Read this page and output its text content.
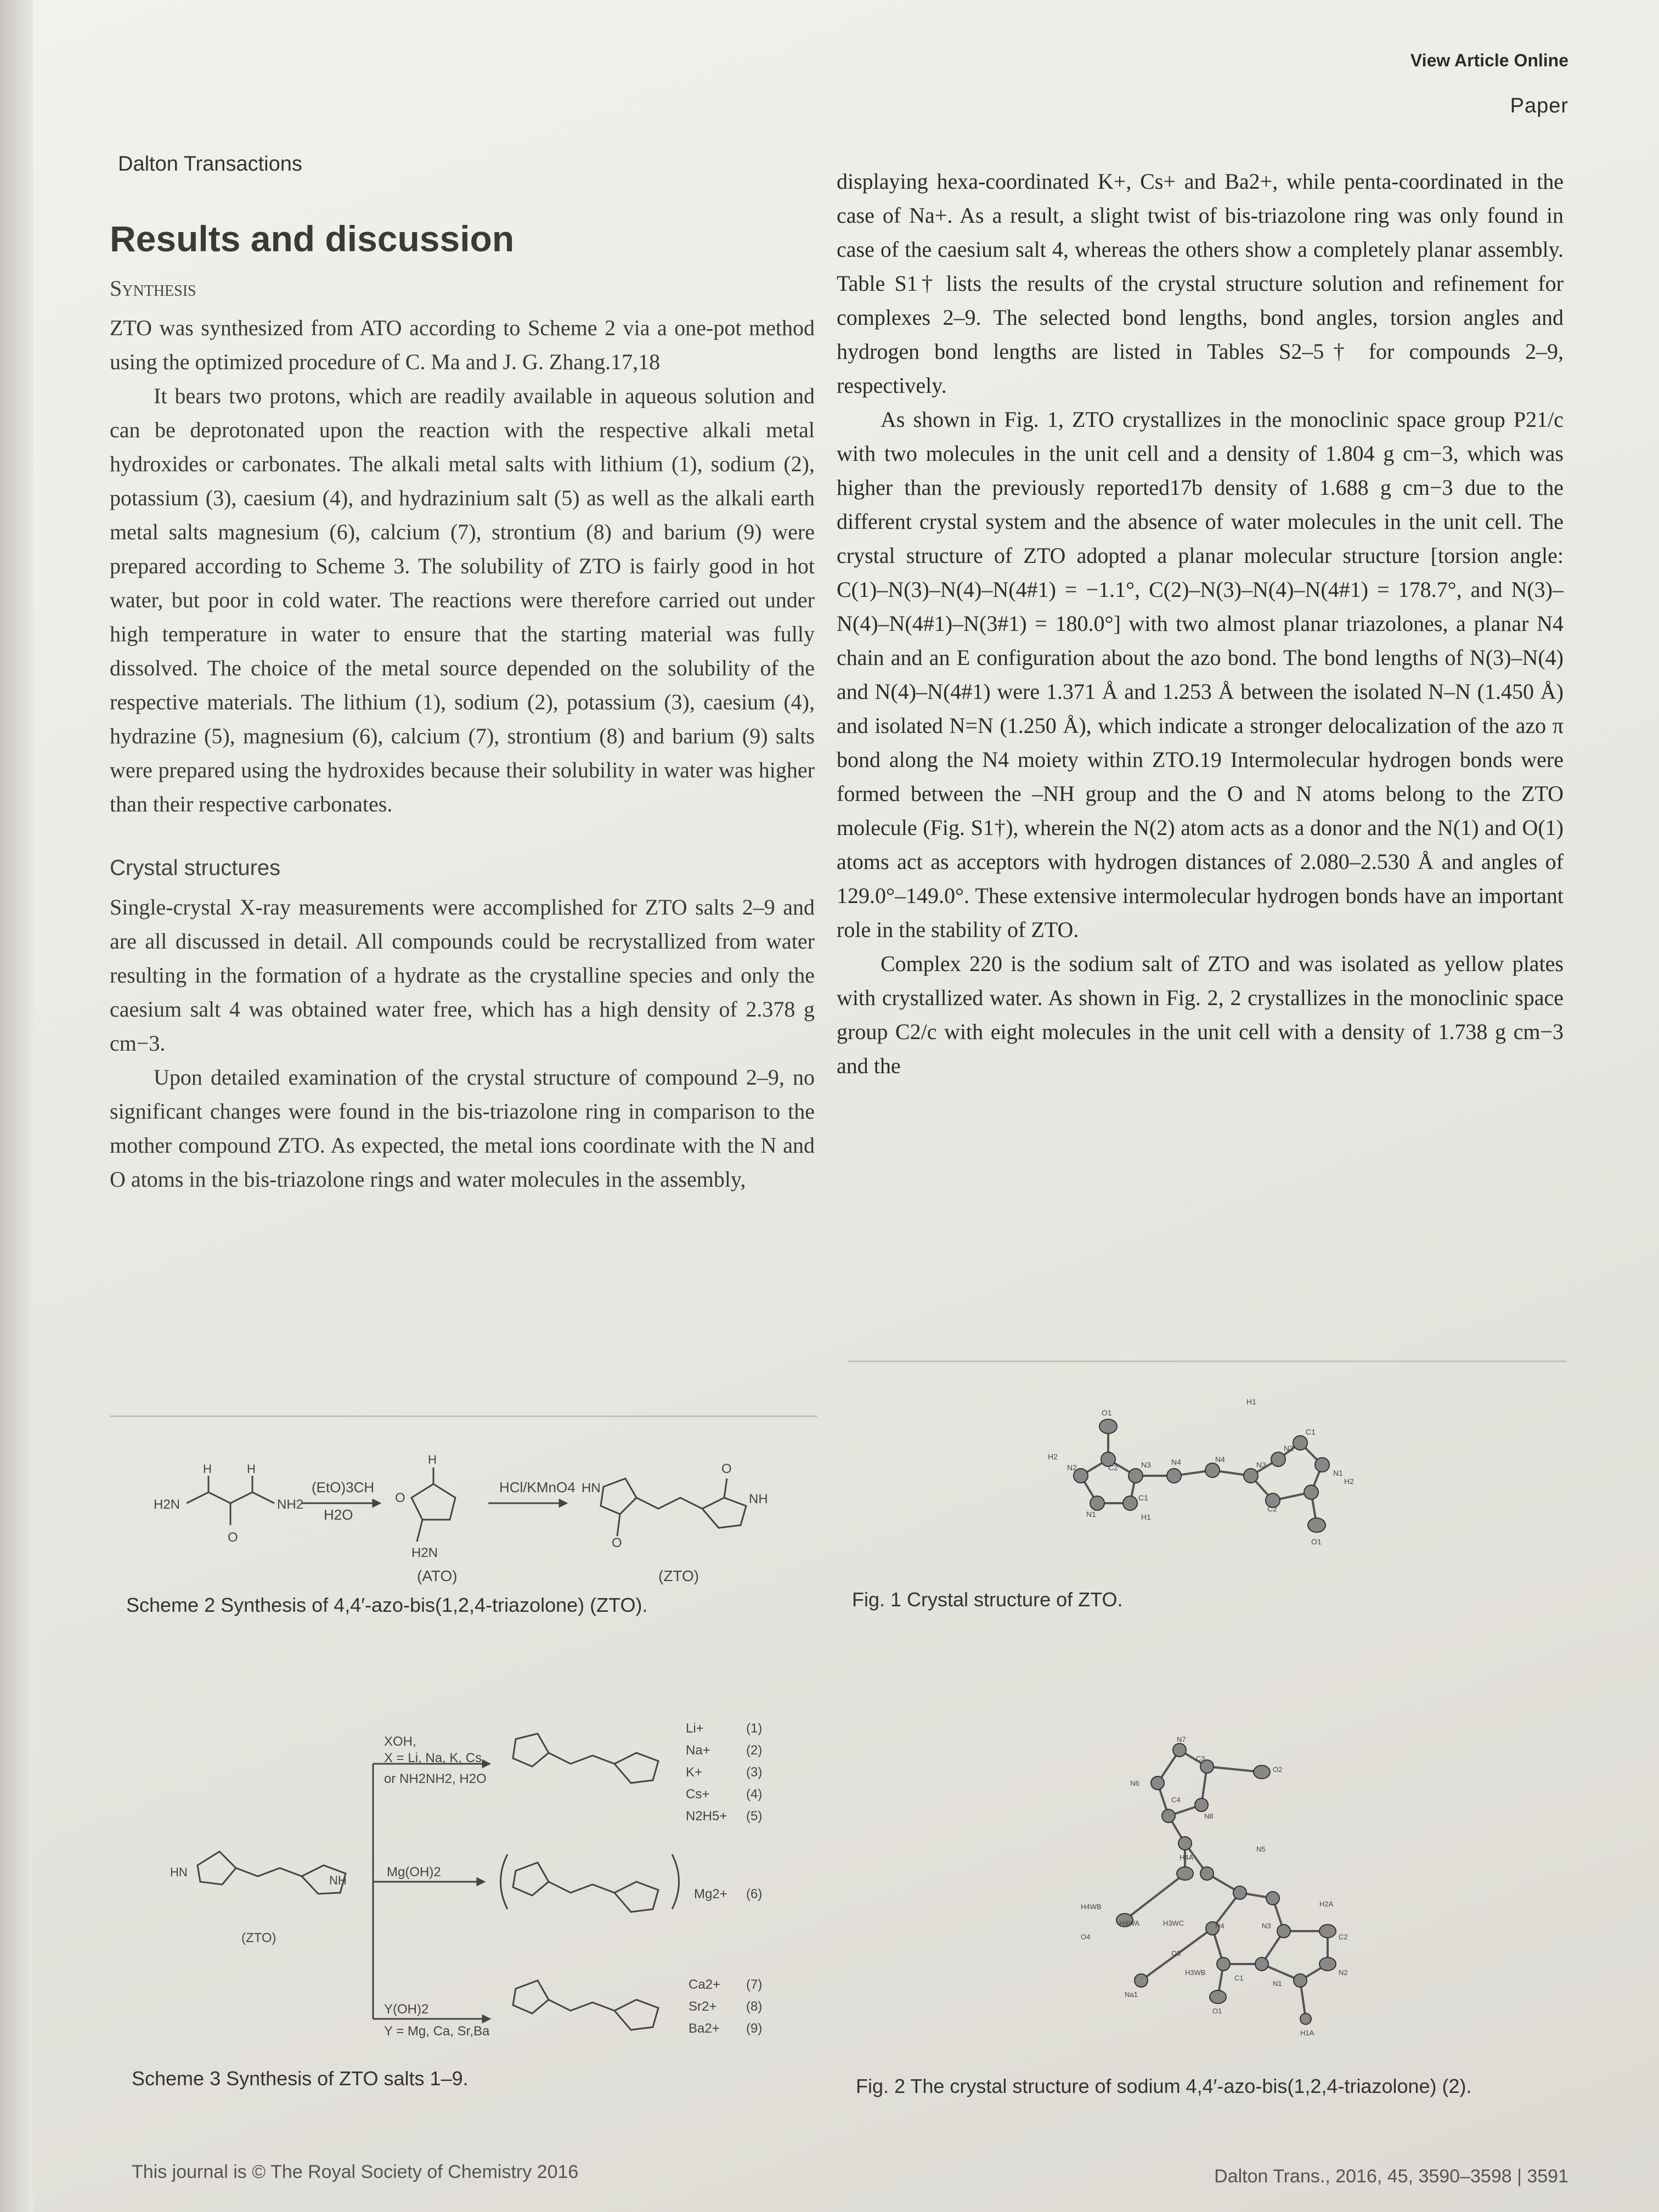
View Article Online
Paper
Dalton Transactions
Results and discussion
Synthesis

ZTO was synthesized from ATO according to Scheme 2 via a one-pot method using the optimized procedure of C. Ma and J. G. Zhang.17,18

It bears two protons, which are readily available in aqueous solution and can be deprotonated upon the reaction with the respective alkali metal hydroxides or carbonates. The alkali metal salts with lithium (1), sodium (2), potassium (3), caesium (4), and hydrazinium salt (5) as well as the alkali earth metal salts magnesium (6), calcium (7), strontium (8) and barium (9) were prepared according to Scheme 3. The solubility of ZTO is fairly good in hot water, but poor in cold water. The reactions were therefore carried out under high temperature in water to ensure that the starting material was fully dissolved. The choice of the metal source depended on the solubility of the respective materials. The lithium (1), sodium (2), potassium (3), caesium (4), hydrazine (5), magnesium (6), calcium (7), strontium (8) and barium (9) salts were prepared using the hydroxides because their solubility in water was higher than their respective carbonates.

Crystal structures

Single-crystal X-ray measurements were accomplished for ZTO salts 2–9 and are all discussed in detail. All compounds could be recrystallized from water resulting in the formation of a hydrate as the crystalline species and only the caesium salt 4 was obtained water free, which has a high density of 2.378 g cm−3.

Upon detailed examination of the crystal structure of compound 2–9, no significant changes were found in the bis-triazolone ring in comparison to the mother compound ZTO. As expected, the metal ions coordinate with the N and O atoms in the bis-triazolone rings and water molecules in the assembly,

displaying hexa-coordinated K+, Cs+ and Ba2+, while penta-coordinated in the case of Na+. As a result, a slight twist of bis-triazolone ring was only found in case of the caesium salt 4, whereas the others show a completely planar assembly. Table S1† lists the results of the crystal structure solution and refinement for complexes 2–9. The selected bond lengths, bond angles, torsion angles and hydrogen bond lengths are listed in Tables S2–5† for compounds 2–9, respectively.

As shown in Fig. 1, ZTO crystallizes in the monoclinic space group P21/c with two molecules in the unit cell and a density of 1.804 g cm−3, which was higher than the previously reported17b density of 1.688 g cm−3 due to the different crystal system and the absence of water molecules in the unit cell. The crystal structure of ZTO adopted a planar molecular structure [torsion angle: C(1)–N(3)–N(4)–N(4#1) = −1.1°, C(2)–N(3)–N(4)–N(4#1) = 178.7°, and N(3)–N(4)–N(4#1)–N(3#1) = 180.0°] with two almost planar triazolones, a planar N4 chain and an E configuration about the azo bond. The bond lengths of N(3)–N(4) and N(4)–N(4#1) were 1.371 Å and 1.253 Å between the isolated N–N (1.450 Å) and isolated N=N (1.250 Å), which indicate a stronger delocalization of the azo π bond along the N4 moiety within ZTO.19 Intermolecular hydrogen bonds were formed between the –NH group and the O and N atoms belong to the ZTO molecule (Fig. S1†), wherein the N(2) atom acts as a donor and the N(1) and O(1) atoms act as acceptors with hydrogen distances of 2.080–2.530 Å and angles of 129.0°–149.0°. These extensive intermolecular hydrogen bonds have an important role in the stability of ZTO.

Complex 220 is the sodium salt of ZTO and was isolated as yellow plates with crystallized water. As shown in Fig. 2, 2 crystallizes in the monoclinic space group C2/c with eight molecules in the unit cell with a density of 1.738 g cm−3 and the

H2N
H	H
NH2
O
(EtO)3CH
H2O
O
H
H2N
HCl/KMnO4 HN
O
NH
O
(ATO)	(ZTO)
Scheme 2 Synthesis of 4,4′-azo-bis(1,2,4-triazolone) (ZTO).
HN
NH
(ZTO)
XOH,
X = Li, Na, K, Cs
or NH2NH2, H2O
Mg(OH)2
Y(OH)2
Y = Mg, Ca, Sr,Ba
Li+
Na+
K+
Cs+
N2H5+
(1)
(2)
(3)
(4)
(5)
Mg2+ (6)
Ca2+
Sr2+
Ba2+
(7)
(8)
(9)
Scheme 3 Synthesis of ZTO salts 1–9.
O1
H1
C1
N1
N2	N3	N4
H2
C2
N1
N2
N3
N4
O1
H1
C2
C1
H2
Fig. 1 Crystal structure of ZTO.
N7
C3
O2
N6
C4
N8
N5
H4A
H4WB
H4WA	H3WC
O4
N4	N3
H2A
C2
O3
H3WB
Na1
C1
N2
N1
O1
H1A
Fig. 2 The crystal structure of sodium 4,4′-azo-bis(1,2,4-triazolone) (2).
This journal is © The Royal Society of Chemistry 2016	Dalton Trans., 2016, 45, 3590–3598 | 3591
